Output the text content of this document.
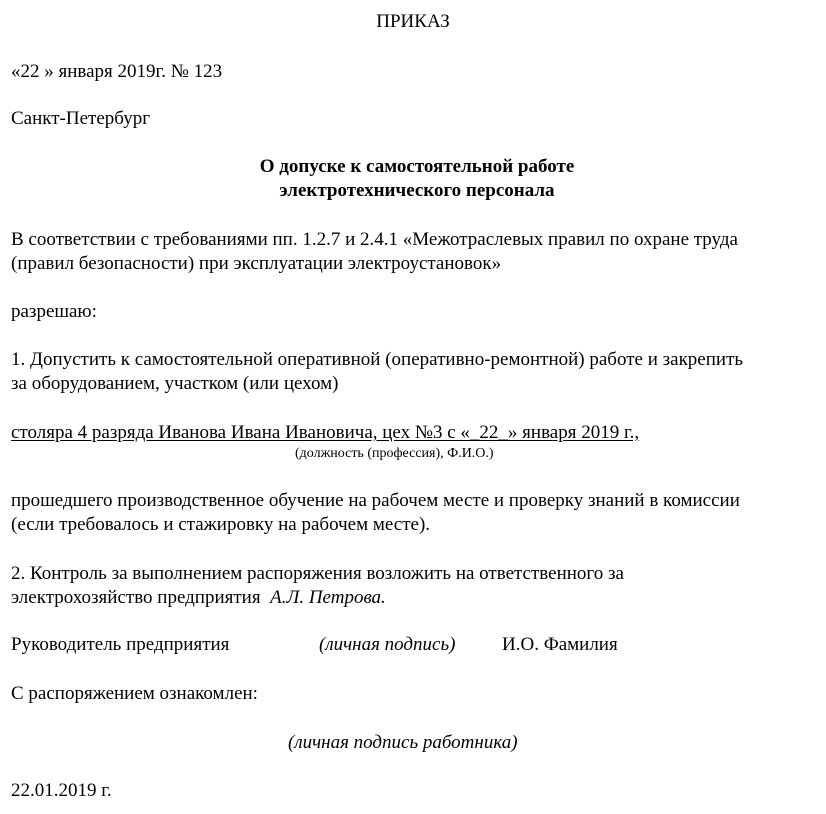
ПРИКАЗ
«22 » января 2019г. № 123
Санкт-Петербург
О допуске к самостоятельной работе
электротехнического персонала
В соответствии с требованиями пп. 1.2.7 и 2.4.1 «Межотраслевых правил по охране труда
(правил безопасности) при эксплуатации электроустановок»
разрешаю:
1. Допустить к самостоятельной оперативной (оперативно-ремонтной) работе и закрепить
за оборудованием, участком (или цехом)
столяра 4 разряда Иванова Ивана Ивановича, цех №3 с «_22_» января 2019 г.,
(должность (профессия), Ф.И.О.)
прошедшего производственное обучение на рабочем месте и проверку знаний в комиссии
(если требовалось и стажировку на рабочем месте).
2. Контроль за выполнением распоряжения возложить на ответственного за
электрохозяйство предприятия А.Л. Петрова.
Руководитель предприятия	(личная подпись) И.О. Фамилия
С распоряжением ознакомлен:
(личная подпись работника)
22.01.2019 г.
